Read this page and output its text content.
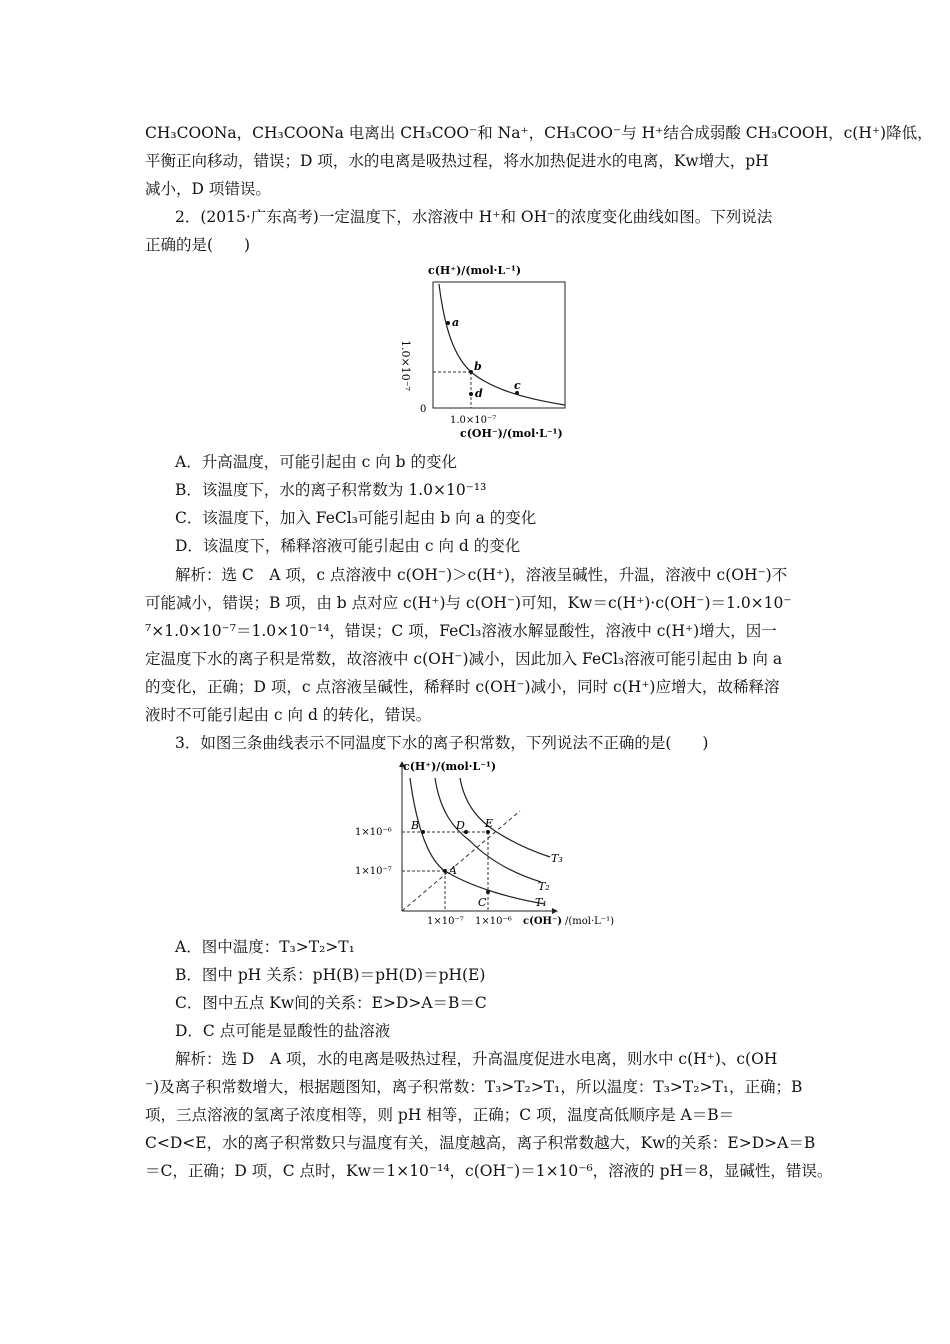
CH₃COONa，CH₃COONa 电离出 CH₃COO⁻和 Na⁺，CH₃COO⁻与 H⁺结合成弱酸 CH₃COOH，c(H⁺)降低，
平衡正向移动，错误；D 项，水的电离是吸热过程，将水加热促进水的电离，Kw增大，pH
减小，D 项错误。
2．(2015·广东高考)一定温度下，水溶液中 H⁺和 OH⁻的浓度变化曲线如图。下列说法
正确的是(　　)
c(H⁺)/(mol·L⁻¹)
a
b
c
d
1.0×10⁻⁷
0
1.0×10⁻⁷
c(OH⁻)/(mol·L⁻¹)
A．升高温度，可能引起由 c 向 b 的变化
B．该温度下，水的离子积常数为 1.0×10⁻¹³
C．该温度下，加入 FeCl₃可能引起由 b 向 a 的变化
D．该温度下，稀释溶液可能引起由 c 向 d 的变化
解析：选 C　A 项，c 点溶液中 c(OH⁻)＞c(H⁺)，溶液呈碱性，升温，溶液中 c(OH⁻)不
可能减小，错误；B 项，由 b 点对应 c(H⁺)与 c(OH⁻)可知，Kw＝c(H⁺)·c(OH⁻)＝1.0×10⁻
⁷×1.0×10⁻⁷＝1.0×10⁻¹⁴，错误；C 项，FeCl₃溶液水解显酸性，溶液中 c(H⁺)增大，因一
定温度下水的离子积是常数，故溶液中 c(OH⁻)减小，因此加入 FeCl₃溶液可能引起由 b 向 a
的变化，正确；D 项，c 点溶液呈碱性，稀释时 c(OH⁻)减小，同时 c(H⁺)应增大，故稀释溶
液时不可能引起由 c 向 d 的转化，错误。
3．如图三条曲线表示不同温度下水的离子积常数，下列说法不正确的是(　　)
c(H⁺)/(mol·L⁻¹)
B	D E
A
C
1×10⁻⁶
1×10⁻⁷
T₃
T₂
T₁
1×10⁻⁷ 1×10⁻⁶ c(OH⁻) /(mol·L⁻¹)
A．图中温度：T₃>T₂>T₁
B．图中 pH 关系：pH(B)＝pH(D)＝pH(E)
C．图中五点 Kw间的关系：E>D>A＝B＝C
D．C 点可能是显酸性的盐溶液
解析：选 D　A 项，水的电离是吸热过程，升高温度促进水电离，则水中 c(H⁺)、c(OH
⁻)及离子积常数增大，根据题图知，离子积常数：T₃>T₂>T₁，所以温度：T₃>T₂>T₁，正确；B
项，三点溶液的氢离子浓度相等，则 pH 相等，正确；C 项，温度高低顺序是 A＝B＝
C<D<E，水的离子积常数只与温度有关，温度越高，离子积常数越大，Kw的关系：E>D>A＝B
＝C，正确；D 项，C 点时，Kw＝1×10⁻¹⁴，c(OH⁻)＝1×10⁻⁶，溶液的 pH＝8，显碱性，错误。
